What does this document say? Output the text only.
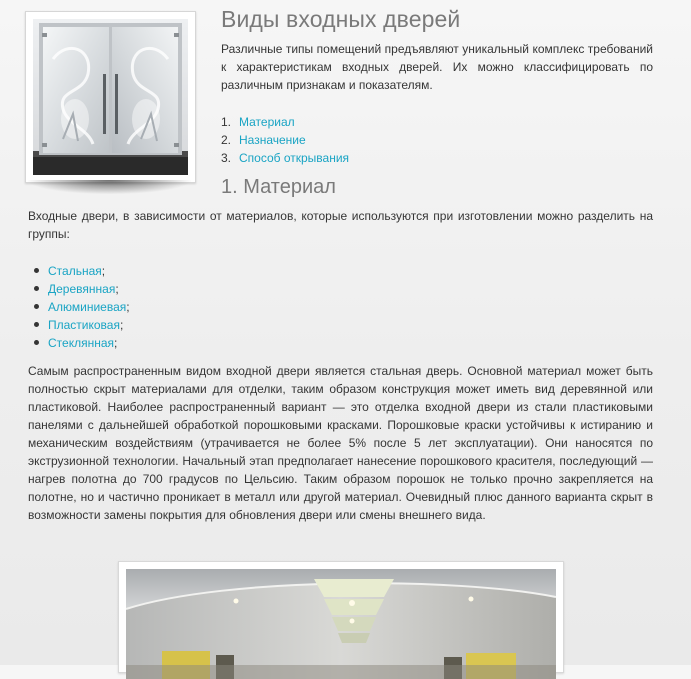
Виды входных дверей

Различные типы помещений предъявляют уникальный комплекс требований к характеристикам входных дверей. Их можно классифицировать по различным признакам и показателям.

1. Материал
2. Назначение
3. Способ открывания
1. Материал

Входные двери, в зависимости от материалов, которые используются при изготовлении можно разделить на группы:

Стальная;
Деревянная;
Алюминиевая;
Пластиковая;
Стеклянная;

Самым распространенным видом входной двери является стальная дверь. Основной материал может быть полностью скрыт материалами для отделки, таким образом конструкция может иметь вид деревянной или пластиковой. Наиболее распространенный вариант — это отделка входной двери из стали пластиковыми панелями с дальнейшей обработкой порошковыми красками. Порошковые краски устойчивы к истиранию и механическим воздействиям (утрачивается не более 5% после 5 лет эксплуатации). Они наносятся по экструзионной технологии. Начальный этап предполагает нанесение порошкового красителя, последующий — нагрев полотна до 700 градусов по Цельсию. Таким образом порошок не только прочно закрепляется на полотне, но и частично проникает в металл или другой материал. Очевидный плюс данного варианта скрыт в возможности замены покрытия для обновления двери или смены внешнего вида.
